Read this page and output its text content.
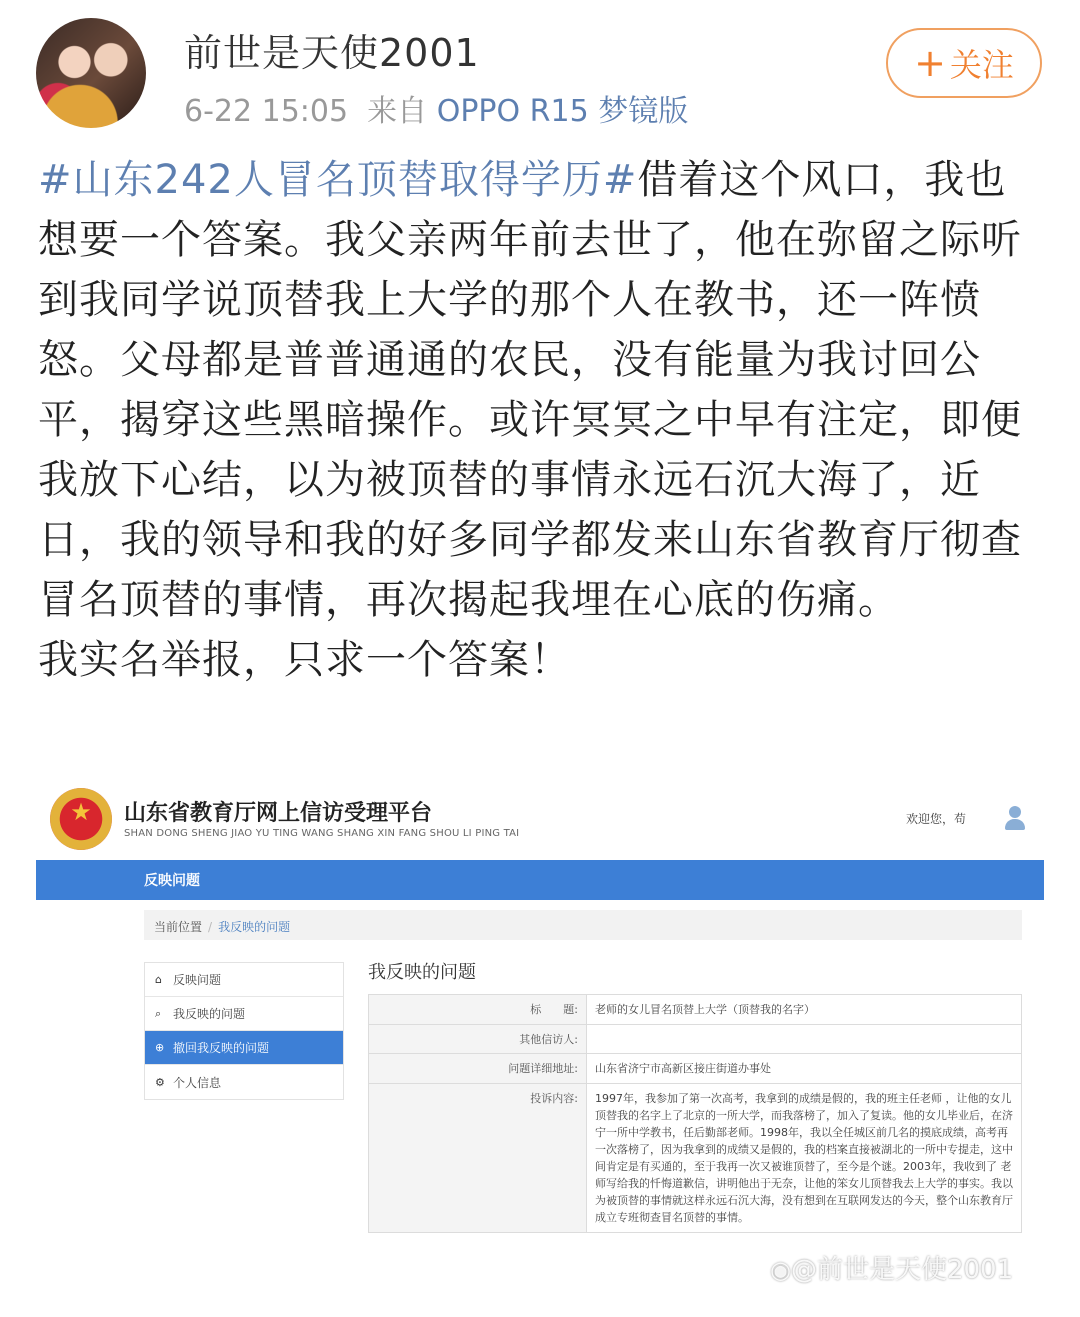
前世是天使2001
6-22 15:05 来自 OPPO R15 梦镜版
+ 关注
#山东242人冒名顶替取得学历#借着这个风口，我也想要一个答案。我父亲两年前去世了，他在弥留之际听到我同学说顶替我上大学的那个人在教书，还一阵愤怒。父母都是普普通通的农民，没有能量为我讨回公平，揭穿这些黑暗操作。或许冥冥之中早有注定，即便我放下心结，以为被顶替的事情永远石沉大海了，近日，我的领导和我的好多同学都发来山东省教育厅彻查冒名顶替的事情，再次揭起我埋在心底的伤痛。
我实名举报，只求一个答案！
★
山东省教育厅网上信访受理平台
SHAN DONG SHENG JIAO YU TING WANG SHANG XIN FANG SHOU LI PING TAI
欢迎您，苟
反映问题
当前位置 / 我反映的问题
⌂ 反映问题
⌕ 我反映的问题
⊕ 撤回我反映的问题
⚙ 个人信息
我反映的问题
标　　题:	老师的女儿冒名顶替上大学（顶替我的名字）
其他信访人:	
问题详细地址:	山东省济宁市高新区接庄街道办事处
投诉内容:	1997年，我参加了第一次高考，我拿到的成绩是假的，我的班主任老师 ，让他的女儿顶替我的名字上了北京的一所大学，而我落榜了，加入了复读。他的女儿毕业后，在济宁一所中学教书，任后勤部老师。1998年，我以全任城区前几名的摸底成绩，高考再一次落榜了，因为我拿到的成绩又是假的，我的档案直接被湖北的一所中专提走，这中间肯定是有买通的，至于我再一次又被谁顶替了，至今是个谜。2003年，我收到了 老师写给我的忏悔道歉信，讲明他出于无奈，让他的笨女儿顶替我去上大学的事实。我以为被顶替的事情就这样永远石沉大海，没有想到在互联网发达的今天，整个山东教育厅成立专班彻查冒名顶替的事情。
◉@前世是天使2001
